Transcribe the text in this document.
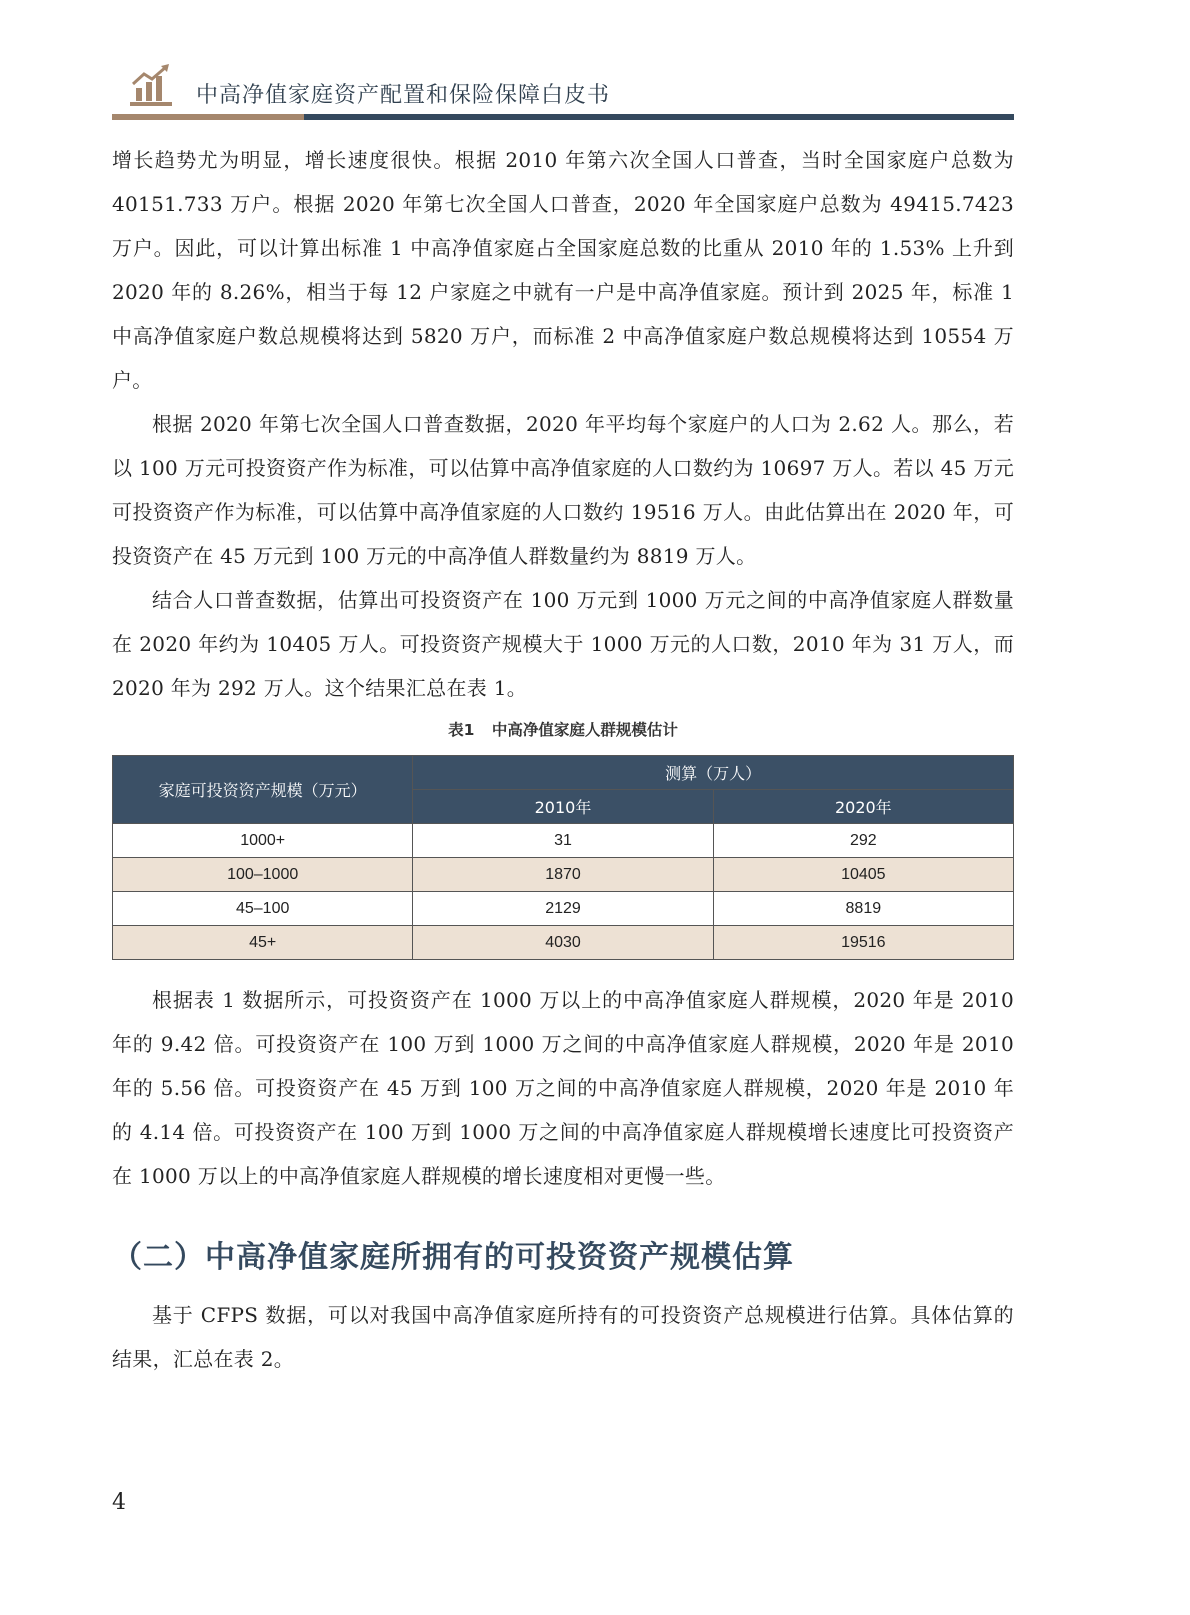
中高净值家庭资产配置和保险保障白皮书

增长趋势尤为明显，增长速度很快。根据 2010 年第六次全国人口普查，当时全国家庭户总数为 40151.733 万户。根据 2020 年第七次全国人口普查，2020 年全国家庭户总数为 49415.7423 万户。因此，可以计算出标准 1 中高净值家庭占全国家庭总数的比重从 2010 年的 1.53% 上升到 2020 年的 8.26%，相当于每 12 户家庭之中就有一户是中高净值家庭。预计到 2025 年，标准 1 中高净值家庭户数总规模将达到 5820 万户，而标准 2 中高净值家庭户数总规模将达到 10554 万户。

根据 2020 年第七次全国人口普查数据，2020 年平均每个家庭户的人口为 2.62 人。那么，若以 100 万元可投资资产作为标准，可以估算中高净值家庭的人口数约为 10697 万人。若以 45 万元可投资资产作为标准，可以估算中高净值家庭的人口数约 19516 万人。由此估算出在 2020 年，可投资资产在 45 万元到 100 万元的中高净值人群数量约为 8819 万人。

结合人口普查数据，估算出可投资资产在 100 万元到 1000 万元之间的中高净值家庭人群数量在 2020 年约为 10405 万人。可投资资产规模大于 1000 万元的人口数，2010 年为 31 万人，而 2020 年为 292 万人。这个结果汇总在表 1。

表1 中高净值家庭人群规模估计
家庭可投资资产规模（万元）	测算（万人）	
	2010年	2020年
1000+	31	292
100–1000	1870	10405
45–100	2129	8819
45+	4030	19516

根据表 1 数据所示，可投资资产在 1000 万以上的中高净值家庭人群规模，2020 年是 2010 年的 9.42 倍。可投资资产在 100 万到 1000 万之间的中高净值家庭人群规模，2020 年是 2010 年的 5.56 倍。可投资资产在 45 万到 100 万之间的中高净值家庭人群规模，2020 年是 2010 年的 4.14 倍。可投资资产在 100 万到 1000 万之间的中高净值家庭人群规模增长速度比可投资资产在 1000 万以上的中高净值家庭人群规模的增长速度相对更慢一些。

（二）中高净值家庭所拥有的可投资资产规模估算

基于 CFPS 数据，可以对我国中高净值家庭所持有的可投资资产总规模进行估算。具体估算的结果，汇总在表 2。

4
